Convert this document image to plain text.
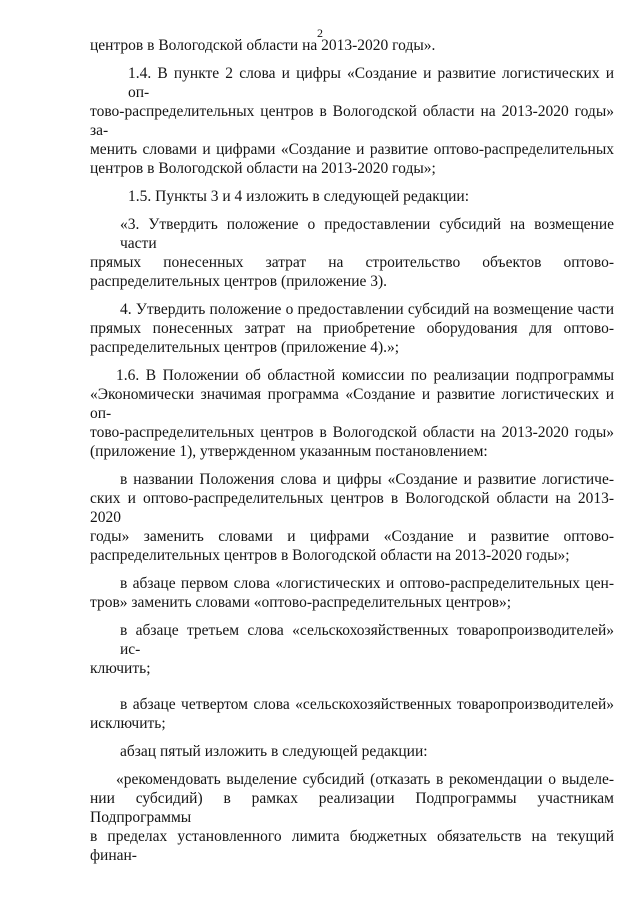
2
центров в Вологодской области на 2013-2020 годы».
1.4. В пункте 2 слова и цифры «Создание и развитие логистических и оп-
тово-распределительных центров в Вологодской области на 2013-2020 годы» за-
менить словами и цифрами «Создание и развитие оптово-распределительных
центров в Вологодской области на 2013-2020 годы»;
1.5. Пункты 3 и 4 изложить в следующей редакции:
«3. Утвердить положение о предоставлении субсидий на возмещение части
прямых понесенных затрат на строительство объектов оптово-
распределительных центров (приложение 3).
4. Утвердить положение о предоставлении субсидий на возмещение части
прямых понесенных затрат на приобретение оборудования для оптово-
распределительных центров (приложение 4).»;
1.6. В Положении об областной комиссии по реализации подпрограммы
«Экономически значимая программа «Создание и развитие логистических и оп-
тово-распределительных центров в Вологодской области на 2013-2020 годы»
(приложение 1), утвержденном указанным постановлением:
в названии Положения слова и цифры «Создание и развитие логистиче-
ских и оптово-распределительных центров в Вологодской области на 2013-2020
годы» заменить словами и цифрами «Создание и развитие оптово-
распределительных центров в Вологодской области на 2013-2020 годы»;
в абзаце первом слова «логистических и оптово-распределительных цен-
тров» заменить словами «оптово-распределительных центров»;
в абзаце третьем слова «сельскохозяйственных товаропроизводителей» ис-
ключить;
в абзаце четвертом слова «сельскохозяйственных товаропроизводителей»
исключить;
абзац пятый изложить в следующей редакции:
«рекомендовать выделение субсидий (отказать в рекомендации о выделе-
нии субсидий) в рамках реализации Подпрограммы участникам Подпрограммы
в пределах установленного лимита бюджетных обязательств на текущий финан-
